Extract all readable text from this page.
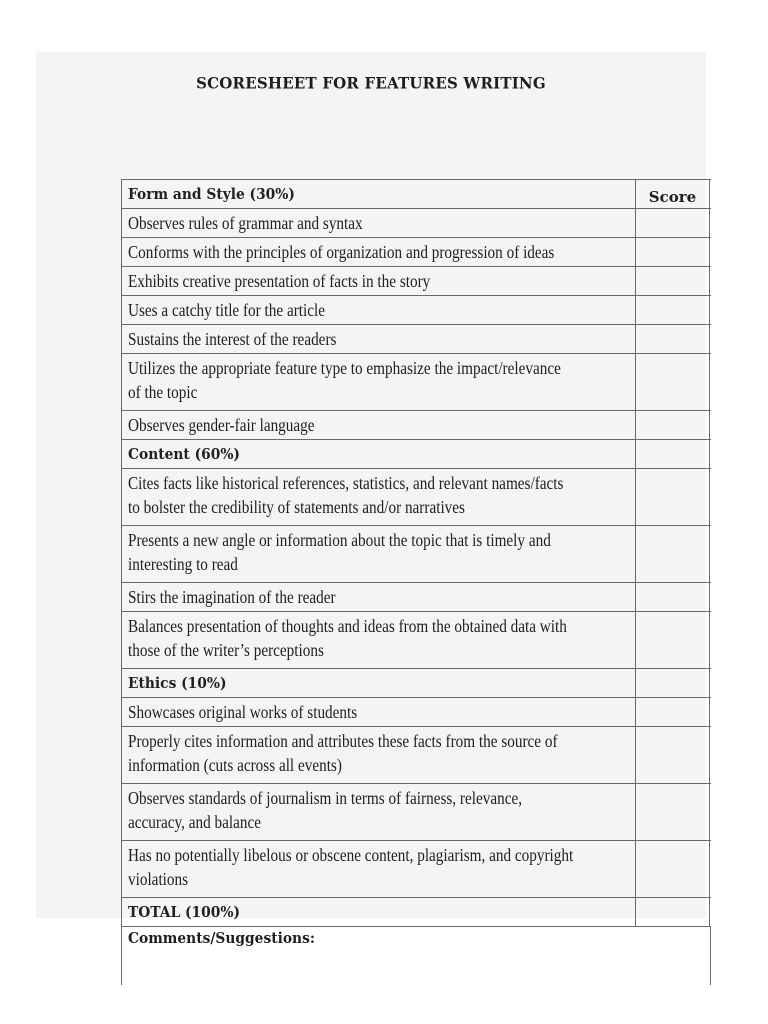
SCORESHEET FOR FEATURES WRITING
Form and Style (30%)	Score
Observes rules of grammar and syntax
Conforms with the principles of organization and progression of ideas
Exhibits creative presentation of facts in the story
Uses a catchy title for the article
Sustains the interest of the readers
Utilizes the appropriate feature type to emphasize the impact/relevance
of the topic
Observes gender-fair language
Content (60%)
Cites facts like historical references, statistics, and relevant names/facts
to bolster the credibility of statements and/or narratives
Presents a new angle or information about the topic that is timely and
interesting to read
Stirs the imagination of the reader
Balances presentation of thoughts and ideas from the obtained data with
those of the writer’s perceptions
Ethics (10%)
Showcases original works of students
Properly cites information and attributes these facts from the source of
information (cuts across all events)
Observes standards of journalism in terms of fairness, relevance,
accuracy, and balance
Has no potentially libelous or obscene content, plagiarism, and copyright
violations
TOTAL (100%)
Comments/Suggestions:
